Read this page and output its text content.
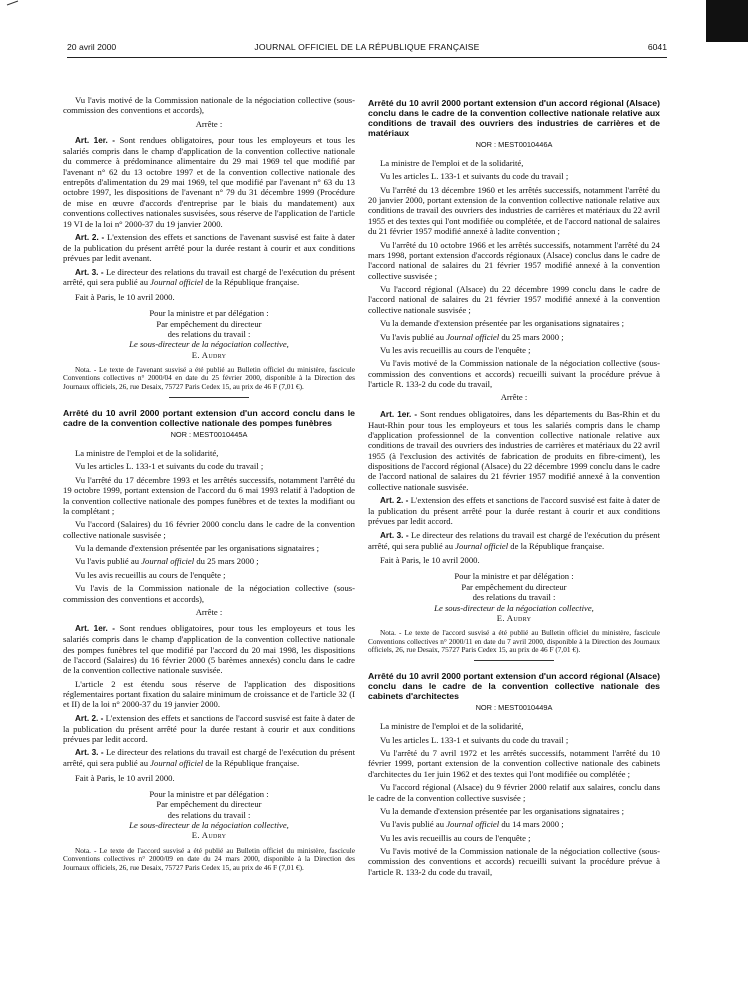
20 avril 2000	JOURNAL OFFICIEL DE LA RÉPUBLIQUE FRANÇAISE	6041

Vu l'avis motivé de la Commission nationale de la négociation collective (sous-commission des conventions et accords),

Arrête :

Art. 1er. - Sont rendues obligatoires, pour tous les employeurs et tous les salariés compris dans le champ d'application de la convention collective nationale du commerce à prédominance alimentaire du 29 mai 1969 tel que modifié par l'avenant n° 62 du 13 octobre 1997 et de la convention collective nationale des entrepôts d'alimentation du 29 mai 1969, tel que modifié par l'avenant n° 63 du 13 octobre 1997, les dispositions de l'avenant n° 79 du 31 décembre 1999 (Procédure de mise en œuvre d'accords d'entreprise par le biais du mandatement) aux conventions collectives nationales susvisées, sous réserve de l'application de l'article 19 VI de la loi n° 2000-37 du 19 janvier 2000.

Art. 2. - L'extension des effets et sanctions de l'avenant susvisé est faite à dater de la publication du présent arrêté pour la durée restant à courir et aux conditions prévues par ledit avenant.

Art. 3. - Le directeur des relations du travail est chargé de l'exécution du présent arrêté, qui sera publié au Journal officiel de la République française.

Fait à Paris, le 10 avril 2000.

Pour la ministre et par délégation :
Par empêchement du directeur
des relations du travail :
Le sous-directeur de la négociation collective,
E. Audry

Nota. - Le texte de l'avenant susvisé a été publié au Bulletin officiel du ministère, fascicule Conventions collectives n° 2000/04 en date du 25 février 2000, disponible à la Direction des Journaux officiels, 26, rue Desaix, 75727 Paris Cedex 15, au prix de 46 F (7,01 €).

Arrêté du 10 avril 2000 portant extension d'un accord conclu dans le cadre de la convention collective nationale des pompes funèbres
NOR : MEST0010445A

La ministre de l'emploi et de la solidarité,

Vu les articles L. 133-1 et suivants du code du travail ;

Vu l'arrêté du 17 décembre 1993 et les arrêtés successifs, notamment l'arrêté du 19 octobre 1999, portant extension de l'accord du 6 mai 1993 relatif à l'adoption de la convention collective nationale des pompes funèbres et de textes la modifiant ou la complétant ;

Vu l'accord (Salaires) du 16 février 2000 conclu dans le cadre de la convention collective nationale susvisée ;

Vu la demande d'extension présentée par les organisations signataires ;

Vu l'avis publié au Journal officiel du 25 mars 2000 ;

Vu les avis recueillis au cours de l'enquête ;

Vu l'avis de la Commission nationale de la négociation collective (sous-commission des conventions et accords),

Arrête :

Art. 1er. - Sont rendues obligatoires, pour tous les employeurs et tous les salariés compris dans le champ d'application de la convention collective nationale des pompes funèbres tel que modifié par l'accord du 20 mai 1998, les dispositions de l'accord (Salaires) du 16 février 2000 (5 barèmes annexés) conclu dans le cadre de la convention collective nationale susvisée.

L'article 2 est étendu sous réserve de l'application des dispositions réglementaires portant fixation du salaire minimum de croissance et de l'article 32 (I et II) de la loi n° 2000-37 du 19 janvier 2000.

Art. 2. - L'extension des effets et sanctions de l'accord susvisé est faite à dater de la publication du présent arrêté pour la durée restant à courir et aux conditions prévues par ledit accord.

Art. 3. - Le directeur des relations du travail est chargé de l'exécution du présent arrêté, qui sera publié au Journal officiel de la République française.

Fait à Paris, le 10 avril 2000.

Pour la ministre et par délégation :
Par empêchement du directeur
des relations du travail :
Le sous-directeur de la négociation collective,
E. Audry

Nota. - Le texte de l'accord susvisé a été publié au Bulletin officiel du ministère, fascicule Conventions collectives n° 2000/09 en date du 24 mars 2000, disponible à la Direction des Journaux officiels, 26, rue Desaix, 75727 Paris Cedex 15, au prix de 46 F (7,01 €).

Arrêté du 10 avril 2000 portant extension d'un accord régional (Alsace) conclu dans le cadre de la convention collective nationale relative aux conditions de travail des ouvriers des industries de carrières et de matériaux
NOR : MEST0010446A

La ministre de l'emploi et de la solidarité,

Vu les articles L. 133-1 et suivants du code du travail ;

Vu l'arrêté du 13 décembre 1960 et les arrêtés successifs, notamment l'arrêté du 20 janvier 2000, portant extension de la convention collective nationale relative aux conditions de travail des ouvriers des industries de carrières et matériaux du 22 avril 1955 et des textes qui l'ont modifiée ou complétée, et de l'accord national de salaires du 21 février 1957 modifié annexé à ladite convention ;

Vu l'arrêté du 10 octobre 1966 et les arrêtés successifs, notamment l'arrêté du 24 mars 1998, portant extension d'accords régionaux (Alsace) conclus dans le cadre de l'accord national de salaires du 21 février 1957 modifié annexé à la convention collective susvisée ;

Vu l'accord régional (Alsace) du 22 décembre 1999 conclu dans le cadre de l'accord national de salaires du 21 février 1957 modifié annexé à la convention collective nationale susvisée ;

Vu la demande d'extension présentée par les organisations signataires ;

Vu l'avis publié au Journal officiel du 25 mars 2000 ;

Vu les avis recueillis au cours de l'enquête ;

Vu l'avis motivé de la Commission nationale de la négociation collective (sous-commission des conventions et accords) recueilli suivant la procédure prévue à l'article R. 133-2 du code du travail,

Arrête :

Art. 1er. - Sont rendues obligatoires, dans les départements du Bas-Rhin et du Haut-Rhin pour tous les employeurs et tous les salariés compris dans le champ d'application professionnel de la convention collective nationale relative aux conditions de travail des ouvriers des industries de carrières et matériaux du 22 avril 1955 (à l'exclusion des activités de fabrication de produits en fibre-ciment), les dispositions de l'accord régional (Alsace) du 22 décembre 1999 conclu dans le cadre de l'accord national de salaires du 21 février 1957 modifié annexé à la convention collective nationale susvisée.

Art. 2. - L'extension des effets et sanctions de l'accord susvisé est faite à dater de la publication du présent arrêté pour la durée restant à courir et aux conditions prévues par ledit accord.

Art. 3. - Le directeur des relations du travail est chargé de l'exécution du présent arrêté, qui sera publié au Journal officiel de la République française.

Fait à Paris, le 10 avril 2000.

Pour la ministre et par délégation :
Par empêchement du directeur
des relations du travail :
Le sous-directeur de la négociation collective,
E. Audry

Nota. - Le texte de l'accord susvisé a été publié au Bulletin officiel du ministère, fascicule Conventions collectives n° 2000/11 en date du 7 avril 2000, disponible à la Direction des Journaux officiels, 26, rue Desaix, 75727 Paris Cedex 15, au prix de 46 F (7,01 €).

Arrêté du 10 avril 2000 portant extension d'un accord régional (Alsace) conclu dans le cadre de la convention collective nationale des cabinets d'architectes
NOR : MEST0010449A

La ministre de l'emploi et de la solidarité,

Vu les articles L. 133-1 et suivants du code du travail ;

Vu l'arrêté du 7 avril 1972 et les arrêtés successifs, notamment l'arrêté du 10 février 1999, portant extension de la convention collective nationale des cabinets d'architectes du 1er juin 1962 et des textes qui l'ont modifiée ou complétée ;

Vu l'accord régional (Alsace) du 9 février 2000 relatif aux salaires, conclu dans le cadre de la convention collective susvisée ;

Vu la demande d'extension présentée par les organisations signataires ;

Vu l'avis publié au Journal officiel du 14 mars 2000 ;

Vu les avis recueillis au cours de l'enquête ;

Vu l'avis motivé de la Commission nationale de la négociation collective (sous-commission des conventions et accords) recueilli suivant la procédure prévue à l'article R. 133-2 du code du travail,
